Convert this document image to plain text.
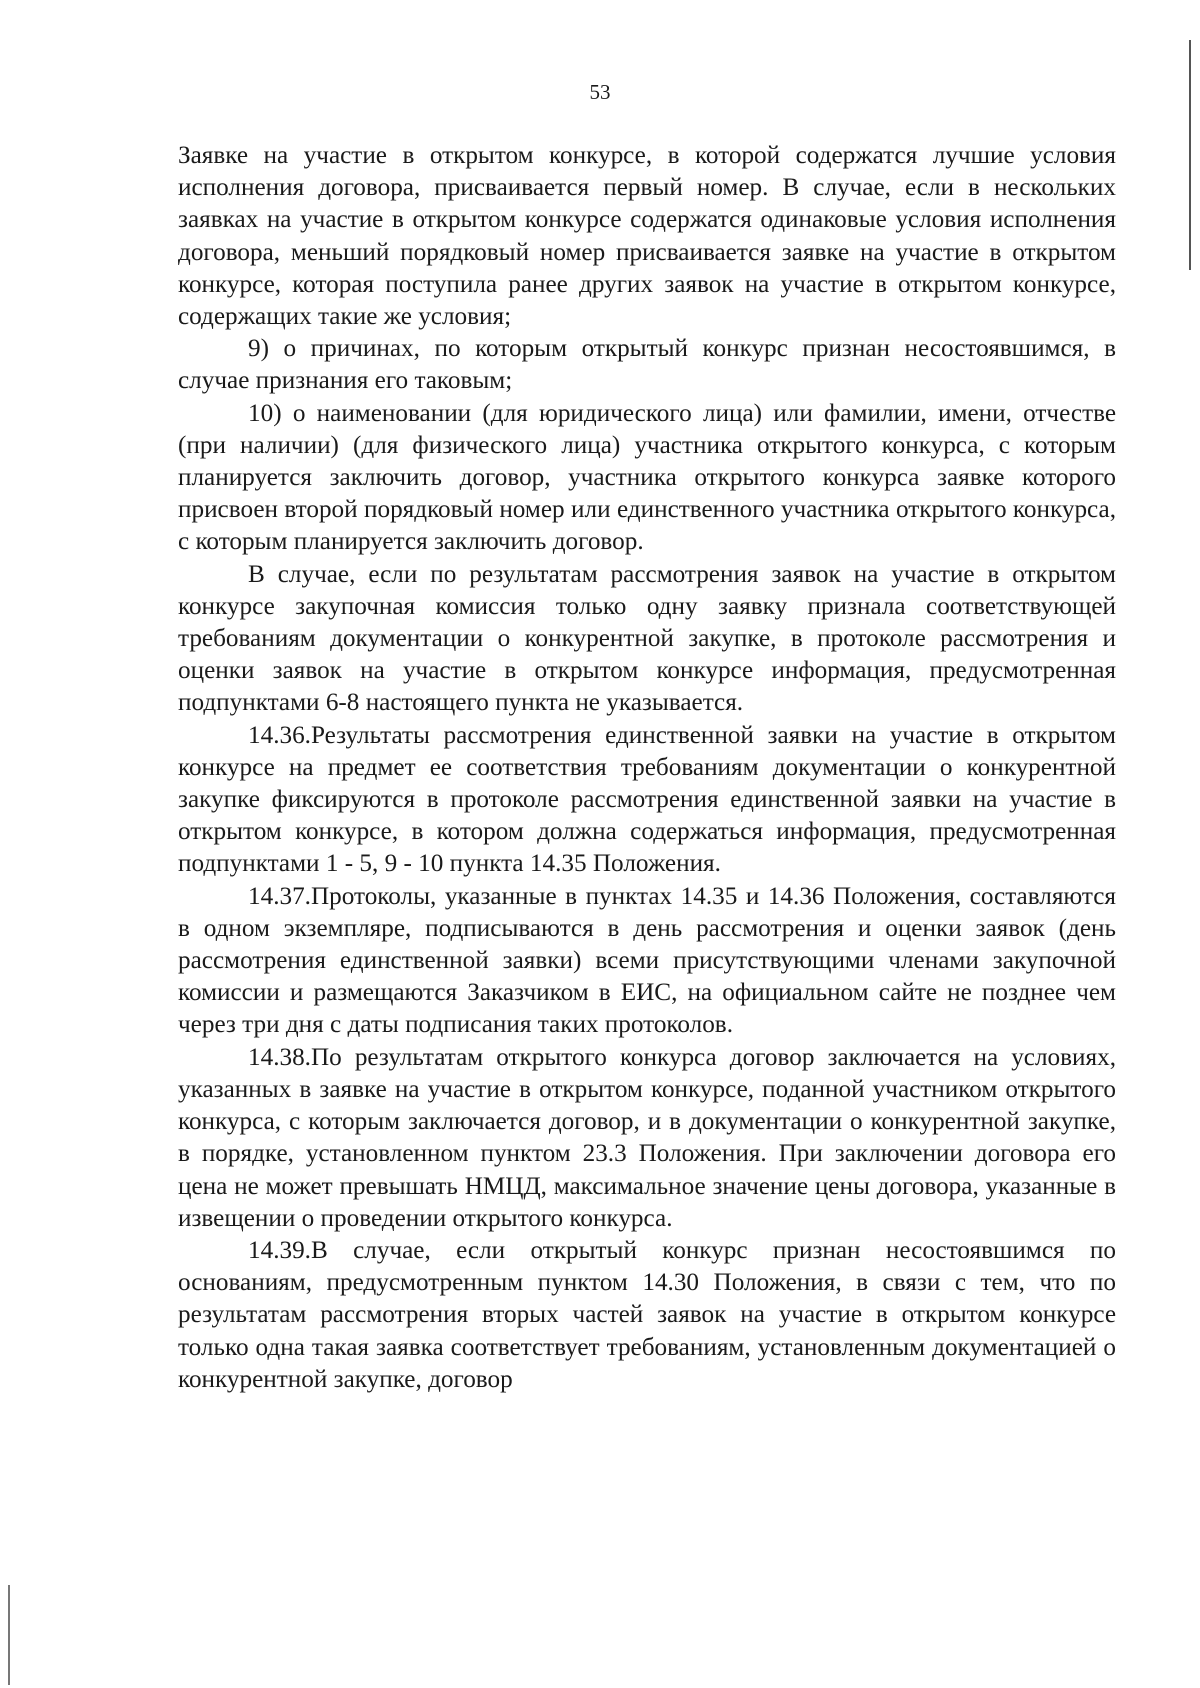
53

Заявке на участие в открытом конкурсе, в которой содержатся лучшие условия исполнения договора, присваивается первый номер. В случае, если в нескольких заявках на участие в открытом конкурсе содержатся одинаковые условия исполнения договора, меньший порядковый номер присваивается заявке на участие в открытом конкурсе, которая поступила ранее других заявок на участие в открытом конкурсе, содержащих такие же условия;

9) о причинах, по которым открытый конкурс признан несостоявшимся, в случае признания его таковым;

10) о наименовании (для юридического лица) или фамилии, имени, отчестве (при наличии) (для физического лица) участника открытого конкурса, с которым планируется заключить договор, участника открытого конкурса заявке которого присвоен второй порядковый номер или единственного участника открытого конкурса, с которым планируется заключить договор.

В случае, если по результатам рассмотрения заявок на участие в открытом конкурсе закупочная комиссия только одну заявку признала соответствующей требованиям документации о конкурентной закупке, в протоколе рассмотрения и оценки заявок на участие в открытом конкурсе информация, предусмотренная подпунктами 6-8 настоящего пункта не указывается.

14.36.Результаты рассмотрения единственной заявки на участие в открытом конкурсе на предмет ее соответствия требованиям документации о конкурентной закупке фиксируются в протоколе рассмотрения единственной заявки на участие в открытом конкурсе, в котором должна содержаться информация, предусмотренная подпунктами 1 - 5, 9 - 10 пункта 14.35 Положения.

14.37.Протоколы, указанные в пунктах 14.35 и 14.36 Положения, составляются в одном экземпляре, подписываются в день рассмотрения и оценки заявок (день рассмотрения единственной заявки) всеми присутствующими членами закупочной комиссии и размещаются Заказчиком в ЕИС, на официальном сайте не позднее чем через три дня с даты подписания таких протоколов.

14.38.По результатам открытого конкурса договор заключается на условиях, указанных в заявке на участие в открытом конкурсе, поданной участником открытого конкурса, с которым заключается договор, и в документации о конкурентной закупке, в порядке, установленном пунктом 23.3 Положения. При заключении договора его цена не может превышать НМЦД, максимальное значение цены договора, указанные в извещении о проведении открытого конкурса.

14.39.В случае, если открытый конкурс признан несостоявшимся по основаниям, предусмотренным пунктом 14.30 Положения, в связи с тем, что по результатам рассмотрения вторых частей заявок на участие в открытом конкурсе только одна такая заявка соответствует требованиям, установленным документацией о конкурентной закупке, договор
